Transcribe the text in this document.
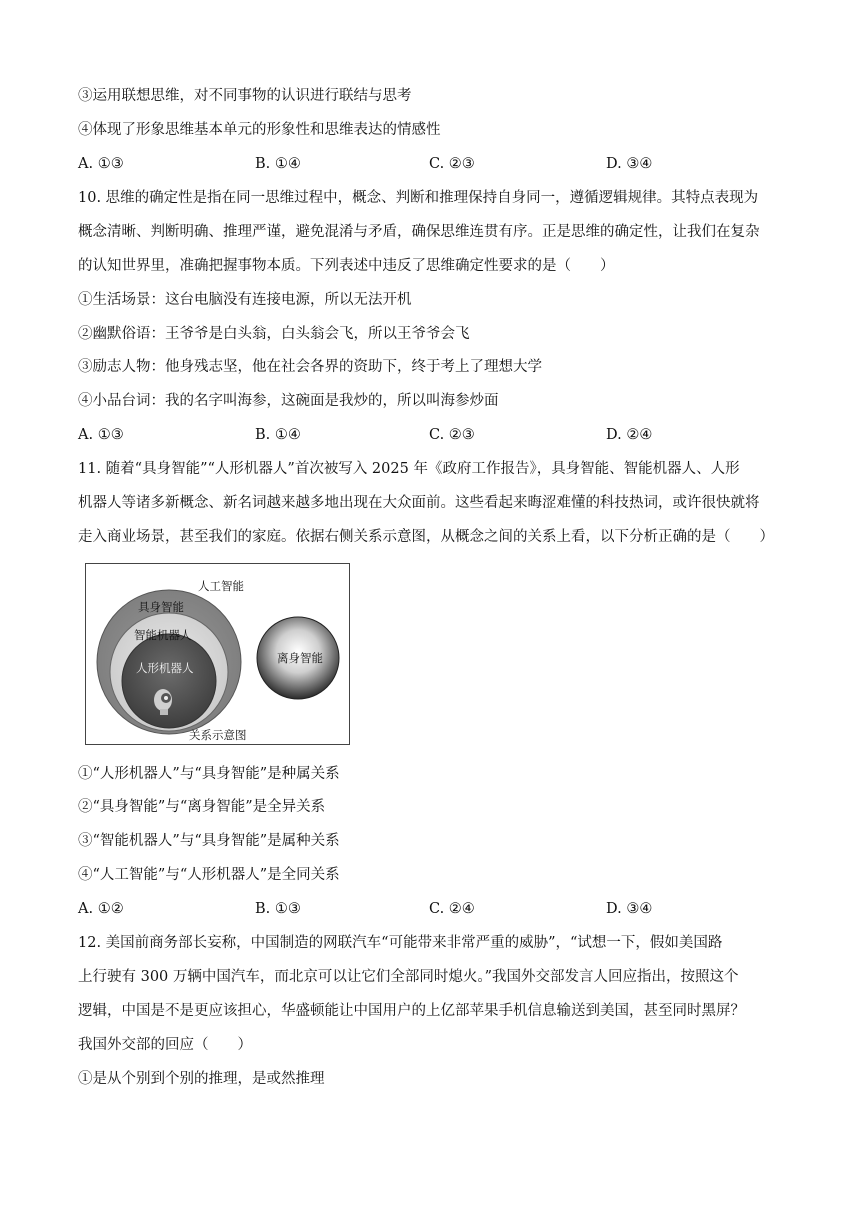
③运用联想思维，对不同事物的认识进行联结与思考
④体现了形象思维基本单元的形象性和思维表达的情感性
A. ①③	B. ①④	C. ②③	D. ③④
10. 思维的确定性是指在同一思维过程中，概念、判断和推理保持自身同一，遵循逻辑规律。其特点表现为
概念清晰、判断明确、推理严谨，避免混淆与矛盾，确保思维连贯有序。正是思维的确定性，让我们在复杂
的认知世界里，准确把握事物本质。下列表述中违反了思维确定性要求的是（　　）
①生活场景：这台电脑没有连接电源，所以无法开机
②幽默俗语：王爷爷是白头翁，白头翁会飞，所以王爷爷会飞
③励志人物：他身残志坚，他在社会各界的资助下，终于考上了理想大学
④小品台词：我的名字叫海参，这碗面是我炒的，所以叫海参炒面
A. ①③	B. ①④	C. ②③	D. ②④
11. 随着“具身智能”“人形机器人”首次被写入 2025 年《政府工作报告》，具身智能、智能机器人、人形
机器人等诸多新概念、新名词越来越多地出现在大众面前。这些看起来晦涩难懂的科技热词，或许很快就将
走入商业场景，甚至我们的家庭。依据右侧关系示意图，从概念之间的关系上看，以下分析正确的是（　　）
人工智能
具身智能
智能机器人
人形机器人
离身智能
关系示意图
①“人形机器人”与“具身智能”是种属关系
②“具身智能”与“离身智能”是全异关系
③“智能机器人”与“具身智能”是属种关系
④“人工智能”与“人形机器人”是全同关系
A. ①②	B. ①③	C. ②④	D. ③④
12. 美国前商务部长妄称，中国制造的网联汽车“可能带来非常严重的威胁”，“试想一下，假如美国路
上行驶有 300 万辆中国汽车，而北京可以让它们全部同时熄火。”我国外交部发言人回应指出，按照这个
逻辑，中国是不是更应该担心，华盛顿能让中国用户的上亿部苹果手机信息输送到美国，甚至同时黑屏？
我国外交部的回应（　　）
①是从个别到个别的推理，是或然推理
